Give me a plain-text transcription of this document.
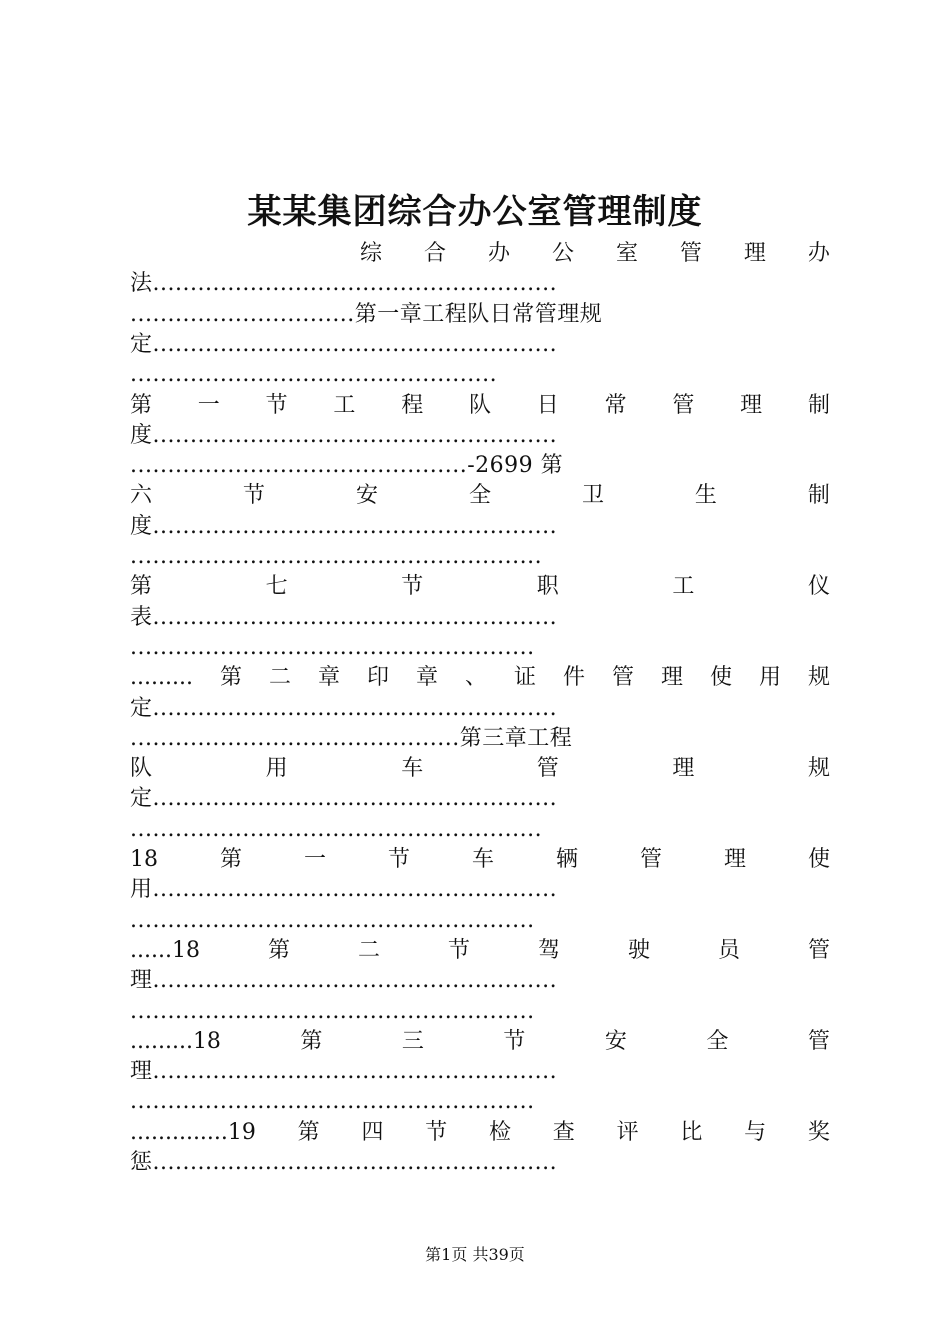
某某集团综合办公室管理制度
综 合 办 公 室 管 理 办
法......................................................
..............................第一章工程队日常管理规
定......................................................
.................................................
第 一 节 工 程 队 日 常 管 理 制
度......................................................
.............................................-2699 第
六	节	安	全	卫	生	制
度......................................................
.......................................................
第	七	节	职	工	仪
表......................................................
......................................................
......... 第 二 章 印 章 、 证 件 管 理 使 用 规
定......................................................
............................................第三章工程
队	用	车	管	理	规
定......................................................
.......................................................
18	第	一	节	车	辆	管	理	使
用......................................................
......................................................
......18	第	二	节	驾	驶	员	管
理......................................................
......................................................
.........18	第	三	节	安	全	管
理......................................................
......................................................
..............19 第 四 节 检 查 评 比 与 奖
惩......................................................
第1页 共39页
